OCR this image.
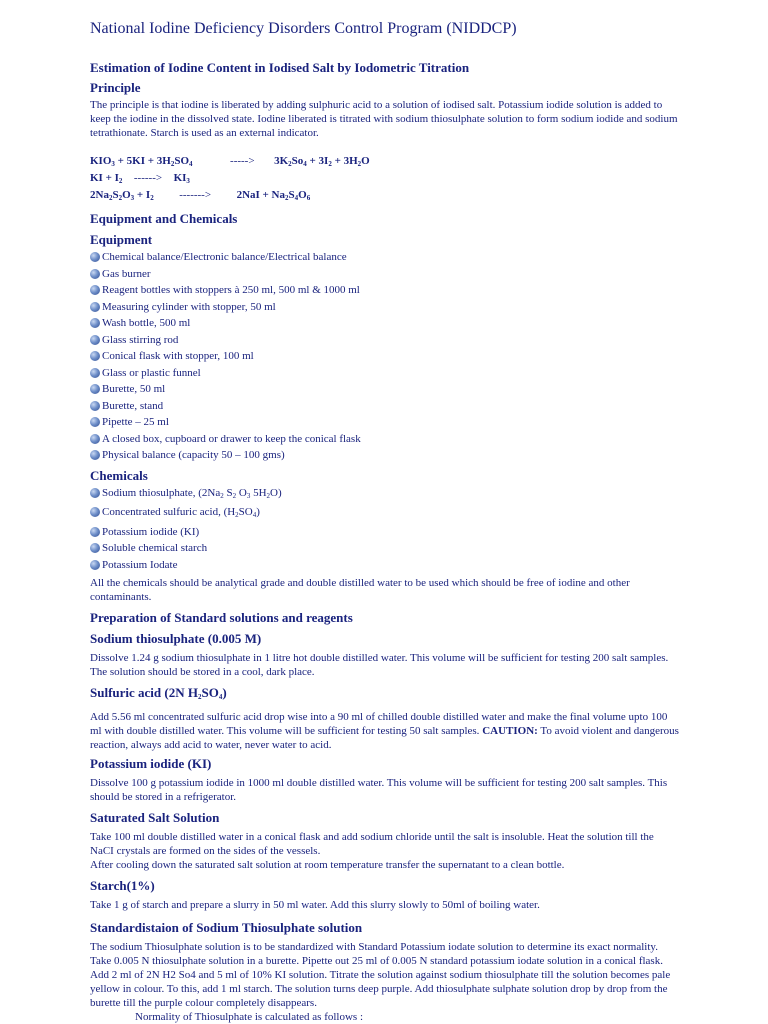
National Iodine Deficiency Disorders Control Program (NIDDCP)
Estimation of Iodine Content in Iodised Salt by Iodometric Titration
Principle

The principle is that iodine is liberated by adding sulphuric acid to a solution of iodised salt. Potassium iodide solution is added to keep the iodine in the dissolved state. Iodine liberated is titrated with sodium thiosulphate solution to form sodium iodide and sodium tetrathionate. Starch is used as an external indicator.

$KIO_3 + 5KI + 3H_2SO_4$	-----> $3K_2So_4 + 3I_2 + 3H_2O$

KI + $I_2$ ------> $KI_3$

$2Na_2S_2O_3 + I_2$ -------> $2NaI + Na_2S_4O_6$

Equipment and Chemicals
Equipment
Chemical balance/Electronic balance/Electrical balance
Gas burner
Reagent bottles with stoppers à 250 ml, 500 ml & 1000 ml
Measuring cylinder with stopper, 50 ml
Wash bottle, 500 ml
Glass stirring rod
Conical flask with stopper, 100 ml
Glass or plastic funnel
Burette, 50 ml
Burette, stand
Pipette – 25 ml
A closed box, cupboard or drawer to keep the conical flask
Physical balance (capacity 50 – 100 gms)
Chemicals
Sodium thiosulphate, ($2Na_2$ $S_2$ $O_3$ $5H_2O$)
Concentrated sulfuric acid, $(H_2SO_4)$
Potassium iodide (KI)
Soluble chemical starch
Potassium Iodate

All the chemicals should be analytical grade and double distilled water to be used which should be free of iodine and other contaminants.

Preparation of Standard solutions and reagents
Sodium thiosulphate (0.005 M)

Dissolve 1.24 g sodium thiosulphate in 1 litre hot double distilled water. This volume will be sufficient for testing 200 salt samples. The solution should be stored in a cool, dark place.

Sulfuric acid (2N $H_2SO_4$)

Add 5.56 ml concentrated sulfuric acid drop wise into a 90 ml of chilled double distilled water and make the final volume upto 100 ml with double distilled water. This volume will be sufficient for testing 50 salt samples. CAUTION: To avoid violent and dangerous reaction, always add acid to water, never water to acid.

Potassium iodide (KI)

Dissolve 100 g potassium iodide in 1000 ml double distilled water. This volume will be sufficient for testing 200 salt samples. This should be stored in a refrigerator.

Saturated Salt Solution

Take 100 ml double distilled water in a conical flask and add sodium chloride until the salt is insoluble. Heat the solution till the NaCI crystals are formed on the sides of the vessels.

After cooling down the saturated salt solution at room temperature transfer the supernatant to a clean bottle.

Starch(1%)

Take 1 g of starch and prepare a slurry in 50 ml water. Add this slurry slowly to 50ml of boiling water.

Standardistaion of Sodium Thiosulphate solution

The sodium Thiosulphate solution is to be standardized with Standard Potassium iodate solution to determine its exact normality. Take 0.005 N thiosulphate solution in a burette. Pipette out 25 ml of 0.005 N standard potassium iodate solution in a conical flask. Add 2 ml of 2N H2 So4 and 5 ml of 10% KI solution. Titrate the solution against sodium thiosulphate till the solution becomes pale yellow in colour. To this, add 1 ml starch. The solution turns deep purple. Add thiosulphate sulphate solution drop by drop from the burette till the purple colour completely disappears.

Normality of Thiosulphate is calculated as follows :
